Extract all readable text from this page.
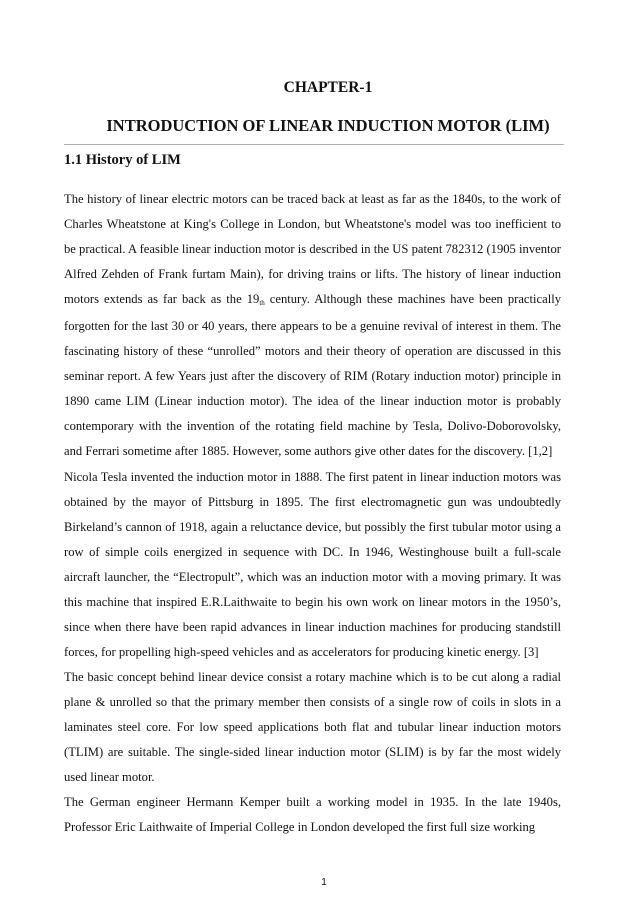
CHAPTER-1
INTRODUCTION OF LINEAR INDUCTION MOTOR (LIM)
1.1 History of LIM

The history of linear electric motors can be traced back at least as far as the 1840s, to the work of Charles Wheatstone at King's College in London, but Wheatstone's model was too inefficient to be practical. A feasible linear induction motor is described in the US patent 782312 (1905 inventor Alfred Zehden of Frank furtam Main), for driving trains or lifts. The history of linear induction motors extends as far back as the 19th century. Although these machines have been practically forgotten for the last 30 or 40 years, there appears to be a genuine revival of interest in them. The fascinating history of these “unrolled” motors and their theory of operation are discussed in this seminar report. A few Years just after the discovery of RIM (Rotary induction motor) principle in 1890 came LIM (Linear induction motor). The idea of the linear induction motor is probably contemporary with the invention of the rotating field machine by Tesla, Dolivo-Doborovolsky, and Ferrari sometime after 1885. However, some authors give other dates for the discovery. [1,2]

Nicola Tesla invented the induction motor in 1888. The first patent in linear induction motors was obtained by the mayor of Pittsburg in 1895. The first electromagnetic gun was undoubtedly Birkeland’s cannon of 1918, again a reluctance device, but possibly the first tubular motor using a row of simple coils energized in sequence with DC. In 1946, Westinghouse built a full-scale aircraft launcher, the “Electropult”, which was an induction motor with a moving primary. It was this machine that inspired E.R.Laithwaite to begin his own work on linear motors in the 1950’s, since when there have been rapid advances in linear induction machines for producing standstill forces, for propelling high-speed vehicles and as accelerators for producing kinetic energy. [3]

The basic concept behind linear device consist a rotary machine which is to be cut along a radial plane & unrolled so that the primary member then consists of a single row of coils in slots in a laminates steel core. For low speed applications both flat and tubular linear induction motors (TLIM) are suitable. The single-sided linear induction motor (SLIM) is by far the most widely used linear motor.

The German engineer Hermann Kemper built a working model in 1935. In the late 1940s, Professor Eric Laithwaite of Imperial College in London developed the first full size working

1
